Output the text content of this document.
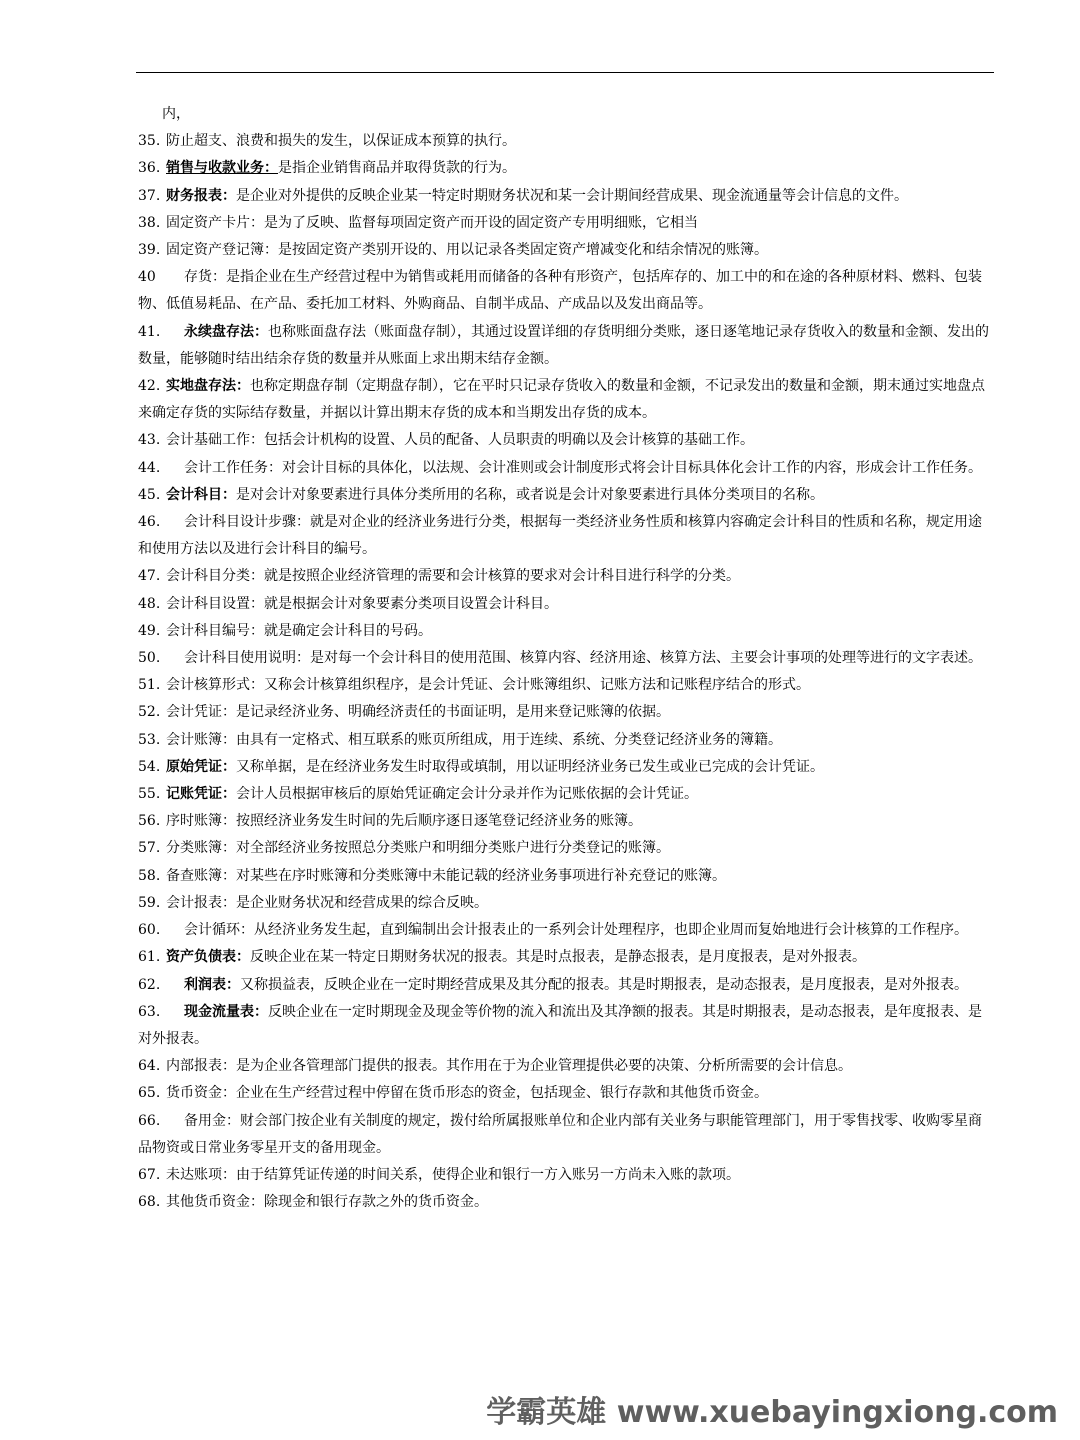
内，

35. 防止超支、浪费和损失的发生，以保证成本预算的执行。

36. 销售与收款业务：是指企业销售商品并取得货款的行为。

37. 财务报表：是企业对外提供的反映企业某一特定时期财务状况和某一会计期间经营成果、现金流通量等会计信息的文件。

38. 固定资产卡片：是为了反映、监督每项固定资产而开设的固定资产专用明细账，它相当

39. 固定资产登记簿：是按固定资产类别开设的、用以记录各类固定资产增减变化和结余情况的账簿。

40 存货：是指企业在生产经营过程中为销售或耗用而储备的各种有形资产，包括库存的、加工中的和在途的各种原材料、燃料、包装物、低值易耗品、在产品、委托加工材料、外购商品、自制半成品、产成品以及发出商品等。

41. 永续盘存法：也称账面盘存法（账面盘存制），其通过设置详细的存货明细分类账，逐日逐笔地记录存货收入的数量和金额、发出的数量，能够随时结出结余存货的数量并从账面上求出期末结存金额。

42. 实地盘存法：也称定期盘存制（定期盘存制），它在平时只记录存货收入的数量和金额，不记录发出的数量和金额，期末通过实地盘点来确定存货的实际结存数量，并据以计算出期末存货的成本和当期发出存货的成本。

43. 会计基础工作：包括会计机构的设置、人员的配备、人员职责的明确以及会计核算的基础工作。

44. 会计工作任务：对会计目标的具体化，以法规、会计准则或会计制度形式将会计目标具体化会计工作的内容，形成会计工作任务。

45. 会计科目：是对会计对象要素进行具体分类所用的名称，或者说是会计对象要素进行具体分类项目的名称。

46. 会计科目设计步骤：就是对企业的经济业务进行分类，根据每一类经济业务性质和核算内容确定会计科目的性质和名称，规定用途和使用方法以及进行会计科目的编号。

47. 会计科目分类：就是按照企业经济管理的需要和会计核算的要求对会计科目进行科学的分类。

48. 会计科目设置：就是根据会计对象要素分类项目设置会计科目。

49. 会计科目编号：就是确定会计科目的号码。

50. 会计科目使用说明：是对每一个会计科目的使用范围、核算内容、经济用途、核算方法、主要会计事项的处理等进行的文字表述。

51. 会计核算形式：又称会计核算组织程序，是会计凭证、会计账簿组织、记账方法和记账程序结合的形式。

52. 会计凭证：是记录经济业务、明确经济责任的书面证明，是用来登记账簿的依据。

53. 会计账簿：由具有一定格式、相互联系的账页所组成，用于连续、系统、分类登记经济业务的簿籍。

54. 原始凭证：又称单据，是在经济业务发生时取得或填制，用以证明经济业务已发生或业已完成的会计凭证。

55. 记账凭证：会计人员根据审核后的原始凭证确定会计分录并作为记账依据的会计凭证。

56. 序时账簿：按照经济业务发生时间的先后顺序逐日逐笔登记经济业务的账簿。

57. 分类账簿：对全部经济业务按照总分类账户和明细分类账户进行分类登记的账簿。

58. 备查账簿：对某些在序时账簿和分类账簿中未能记载的经济业务事项进行补充登记的账簿。

59. 会计报表：是企业财务状况和经营成果的综合反映。

60. 会计循环：从经济业务发生起，直到编制出会计报表止的一系列会计处理程序，也即企业周而复始地进行会计核算的工作程序。

61. 资产负债表：反映企业在某一特定日期财务状况的报表。其是时点报表，是静态报表，是月度报表，是对外报表。

62. 利润表：又称损益表，反映企业在一定时期经营成果及其分配的报表。其是时期报表，是动态报表，是月度报表，是对外报表。

63. 现金流量表：反映企业在一定时期现金及现金等价物的流入和流出及其净额的报表。其是时期报表，是动态报表，是年度报表、是对外报表。

64. 内部报表：是为企业各管理部门提供的报表。其作用在于为企业管理提供必要的决策、分析所需要的会计信息。

65. 货币资金：企业在生产经营过程中停留在货币形态的资金，包括现金、银行存款和其他货币资金。

66. 备用金：财会部门按企业有关制度的规定，拨付给所属报账单位和企业内部有关业务与职能管理部门，用于零售找零、收购零星商品物资或日常业务零星开支的备用现金。

67. 未达账项：由于结算凭证传递的时间关系，使得企业和银行一方入账另一方尚未入账的款项。

68. 其他货币资金：除现金和银行存款之外的货币资金。

学霸英雄 www.xuebayingxiong.com
